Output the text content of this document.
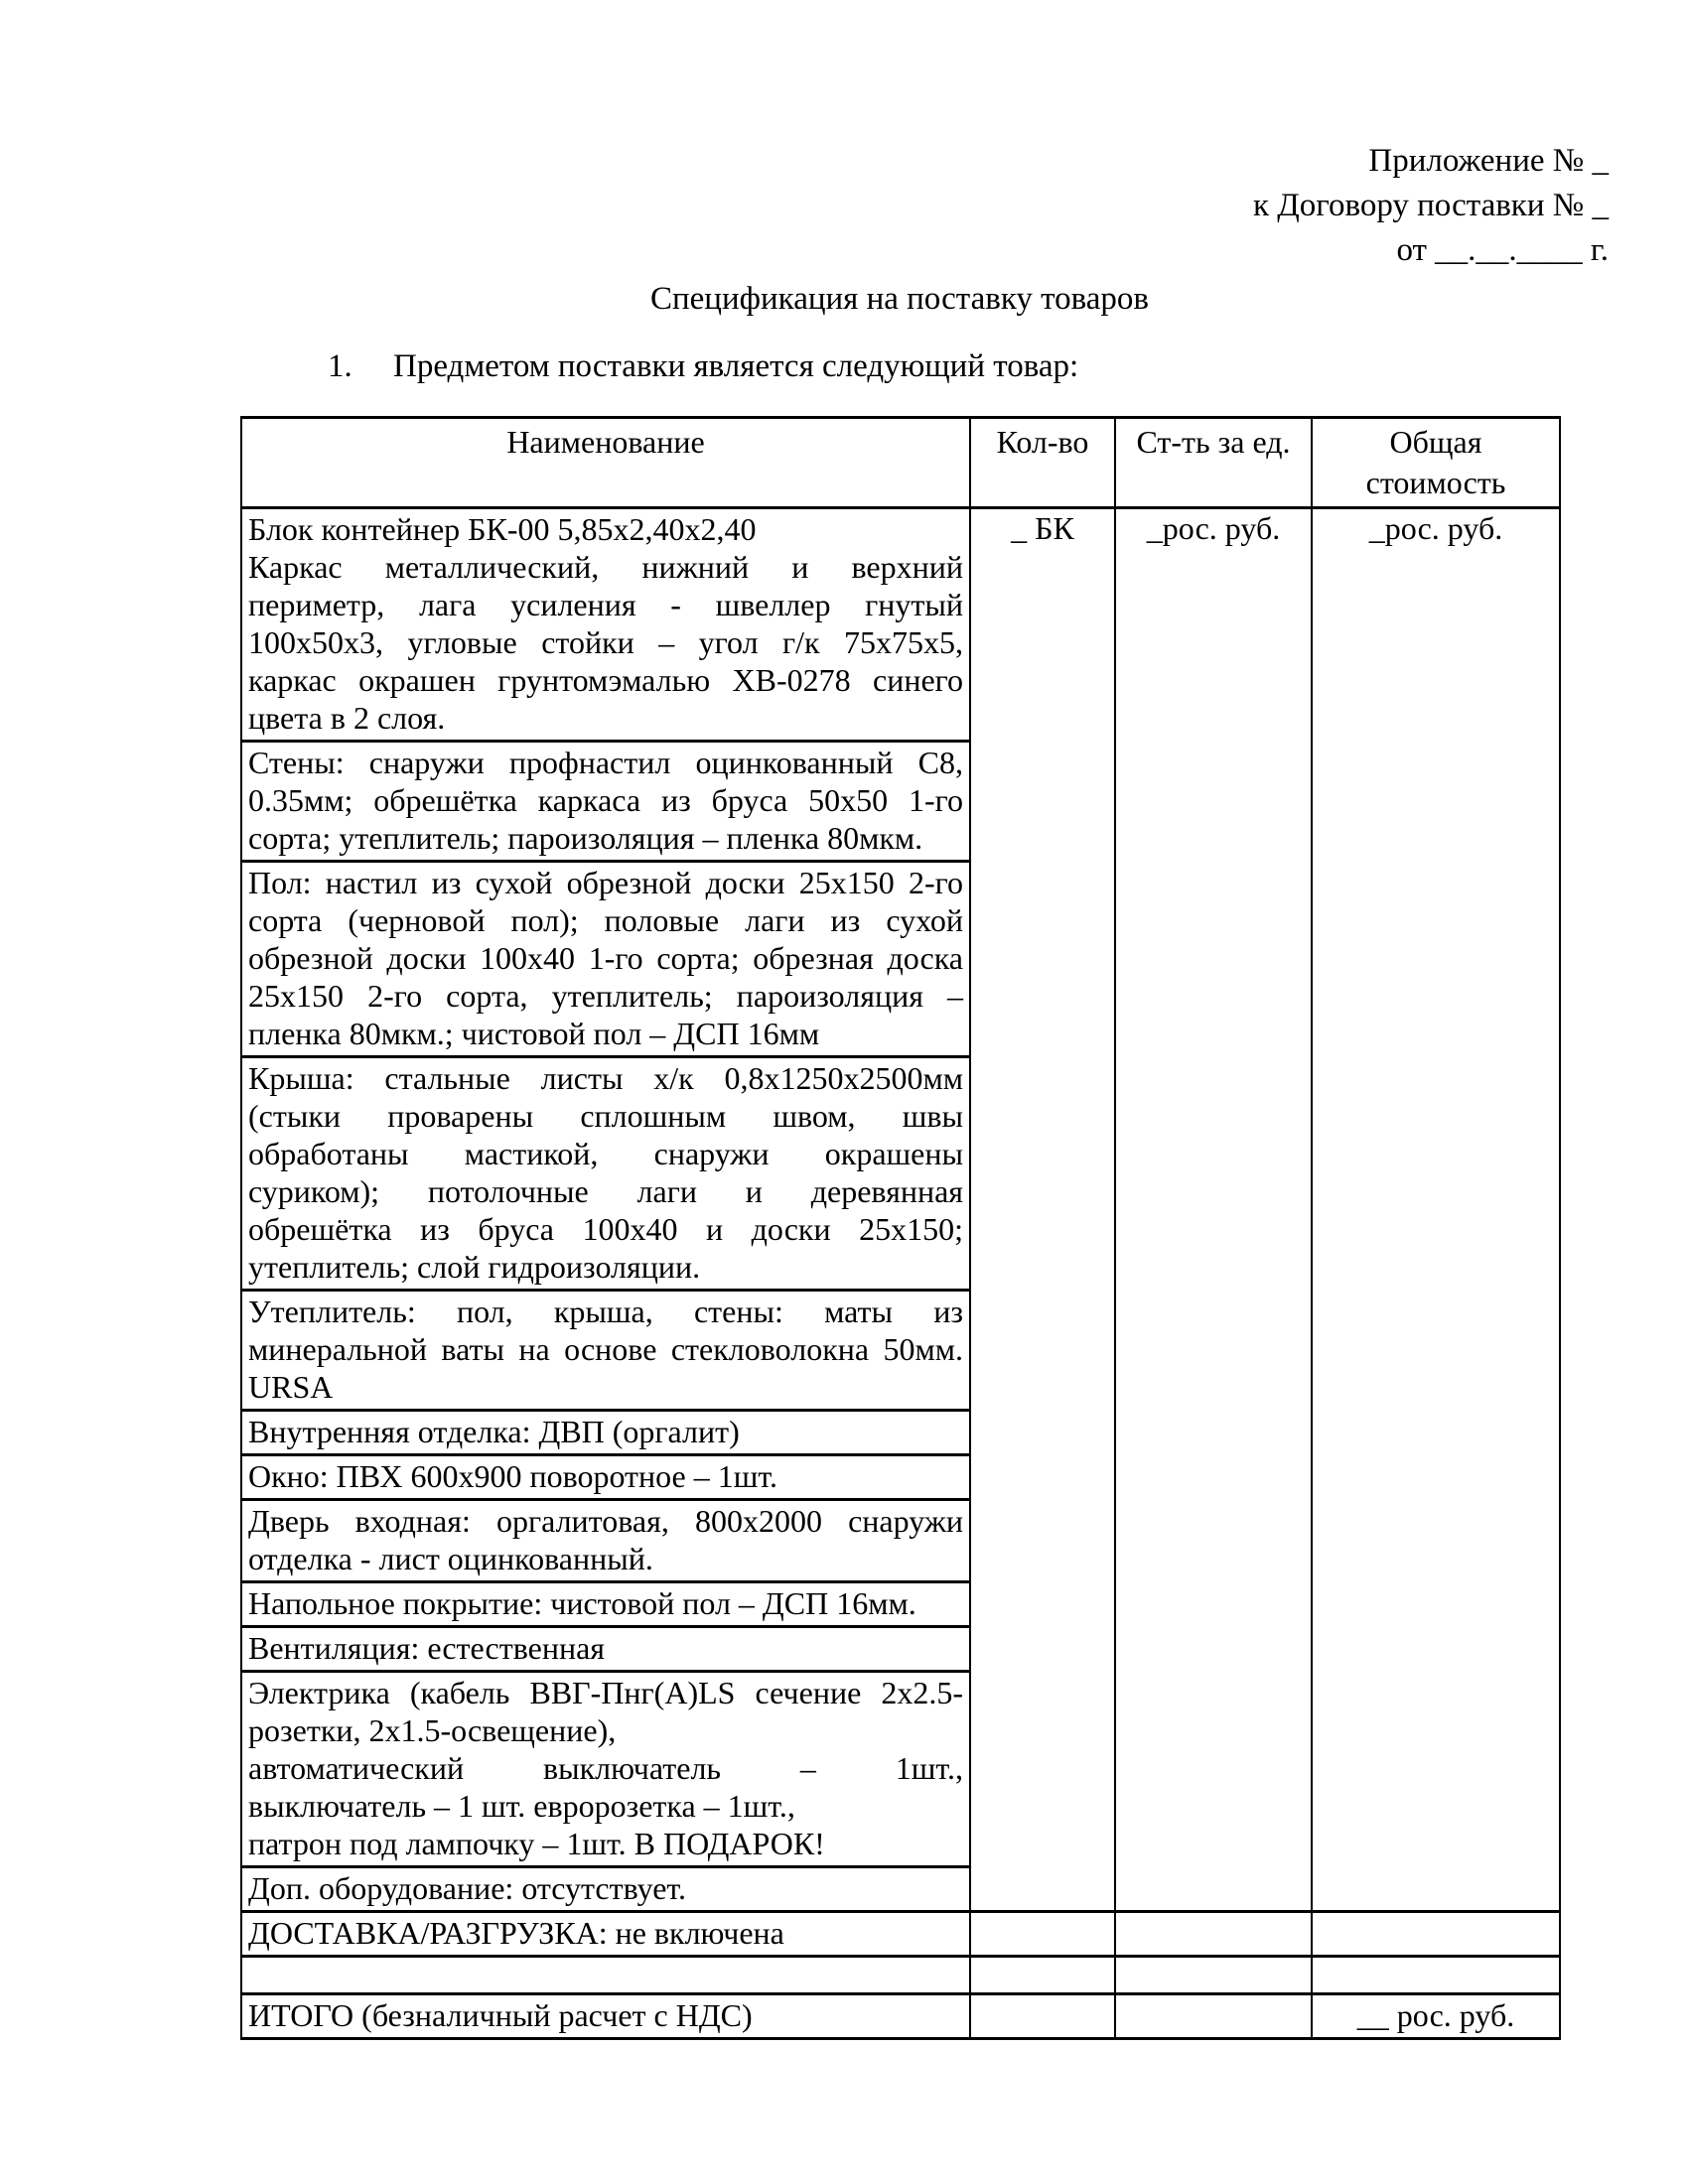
Приложение № _
к Договору поставки № _
от __.__.____ г.
Спецификация на поставку товаров
1. Предметом поставки является следующий товар:
Наименование	Кол-во	Ст-ть за ед.	Общая стоимость

Блок контейнер БК-00 5,85х2,40х2,40
Каркас металлический, нижний и верхний
периметр, лага усиления - швеллер гнутый
100х50х3, угловые стойки – угол г/к 75х75х5,
каркас окрашен грунтомэмалью ХВ-0278 синего
цвета в 2 слоя.
	_ БК	_рос. руб.	_рос. руб.

Стены: снаружи профнастил оцинкованный С8,
0.35мм; обрешётка каркаса из бруса 50х50 1-го
сорта; утеплитель; пароизоляция – пленка 80мкм.			

Пол: настил из сухой обрезной доски 25х150 2-го
сорта (черновой пол); половые лаги из сухой
обрезной доски 100х40 1-го сорта; обрезная доска
25х150 2-го сорта, утеплитель; пароизоляция –
пленка 80мкм.; чистовой пол – ДСП 16мм			

Крыша: стальные листы х/к 0,8х1250х2500мм
(стыки проварены сплошным швом, швы
обработаны мастикой, снаружи окрашены
суриком); потолочные лаги и деревянная
обрешётка из бруса 100х40 и доски 25х150;
утеплитель; слой гидроизоляции.

Утеплитель: пол, крыша, стены: маты из
минеральной ваты на основе стекловолокна 50мм.
URSA			

Внутренняя отделка: ДВП (оргалит)			

Окно: ПВХ 600х900 поворотное – 1шт.			

Дверь входная: оргалитовая, 800х2000 снаружи
отделка - лист оцинкованный.			

Напольное покрытие: чистовой пол – ДСП 16мм.			

Вентиляция: естественная			

Электрика (кабель ВВГ-Пнг(А)LS сечение 2х2.5-
розетки, 2х1.5-освещение),
автоматический выключатель – 1шт.,
выключатель – 1 шт. евророзетка – 1шт.,
патрон под лампочку – 1шт. В ПОДАРОК!			

Доп. оборудование: отсутствует.			

ДОСТАВКА/РАЗГРУЗКА: не включена			

ИТОГО (безналичный расчет с НДС)			__ рос. руб.
